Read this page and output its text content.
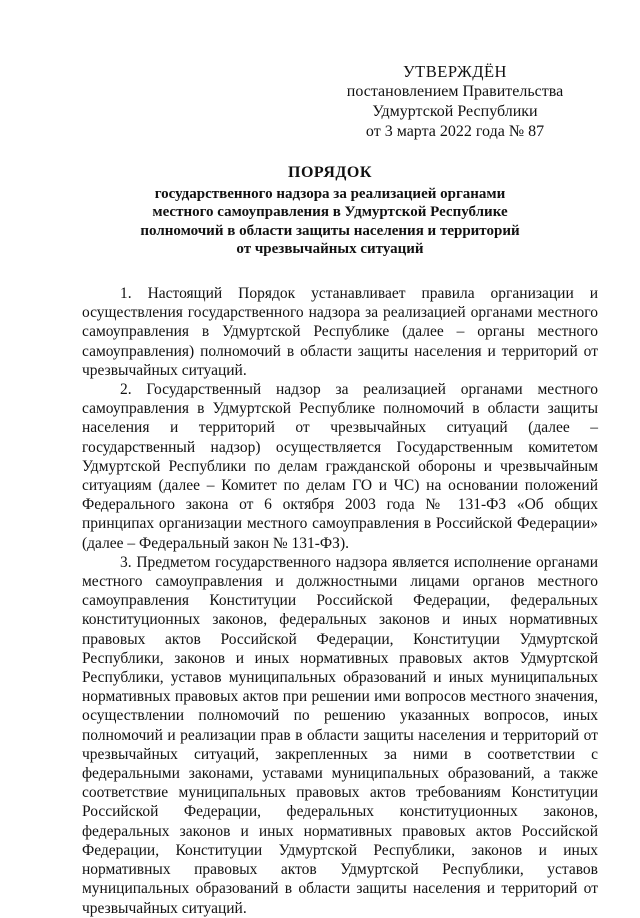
УТВЕРЖДЁН
постановлением Правительства
Удмуртской Республики
от 3 марта 2022 года № 87
ПОРЯДОК
государственного надзора за реализацией органами
местного самоуправления в Удмуртской Республике
полномочий в области защиты населения и территорий
от чрезвычайных ситуаций

1. Настоящий Порядок устанавливает правила организации и осуществления государственного надзора за реализацией органами местного самоуправления в Удмуртской Республике (далее – органы местного самоуправления) полномочий в области защиты населения и территорий от чрезвычайных ситуаций.

2. Государственный надзор за реализацией органами местного самоуправления в Удмуртской Республике полномочий в области защиты населения и территорий от чрезвычайных ситуаций (далее – государственный надзор) осуществляется Государственным комитетом Удмуртской Республики по делам гражданской обороны и чрезвычайным ситуациям (далее – Комитет по делам ГО и ЧС) на основании положений Федерального закона от 6 октября 2003 года № 131-ФЗ «Об общих принципах организации местного самоуправления в Российской Федерации» (далее – Федеральный закон № 131-ФЗ).

3. Предметом государственного надзора является исполнение органами местного самоуправления и должностными лицами органов местного самоуправления Конституции Российской Федерации, федеральных конституционных законов, федеральных законов и иных нормативных правовых актов Российской Федерации, Конституции Удмуртской Республики, законов и иных нормативных правовых актов Удмуртской Республики, уставов муниципальных образований и иных муниципальных нормативных правовых актов при решении ими вопросов местного значения, осуществлении полномочий по решению указанных вопросов, иных полномочий и реализации прав в области защиты населения и территорий от чрезвычайных ситуаций, закрепленных за ними в соответствии с федеральными законами, уставами муниципальных образований, а также соответствие муниципальных правовых актов требованиям Конституции Российской Федерации, федеральных конституционных законов, федеральных законов и иных нормативных правовых актов Российской Федерации, Конституции Удмуртской Республики, законов и иных нормативных правовых актов Удмуртской Республики, уставов муниципальных образований в области защиты населения и территорий от чрезвычайных ситуаций.
